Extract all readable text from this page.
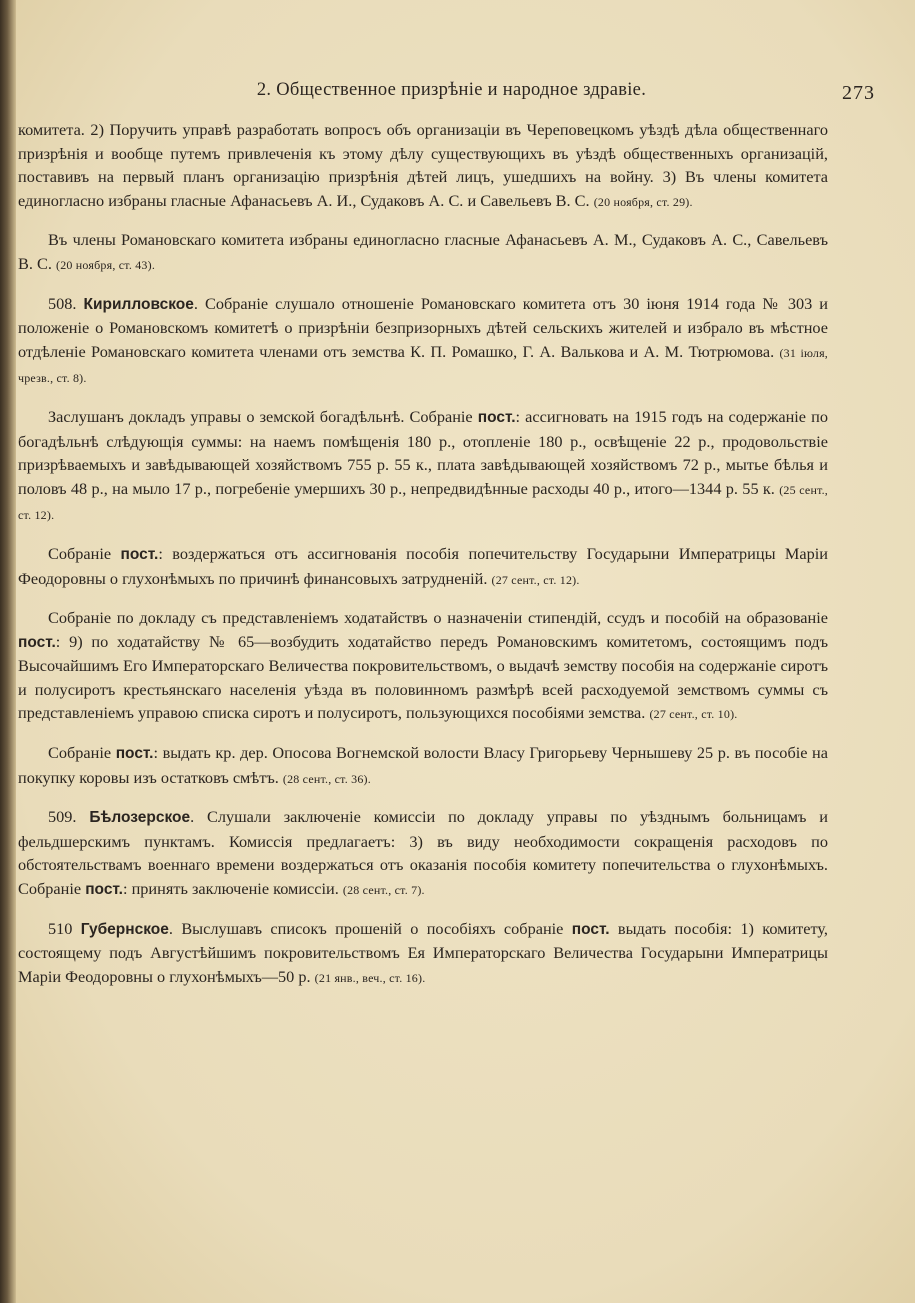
2. Общественное призрѣніе и народное здравіе.	273

комитета. 2) Поручить управѣ разработать вопросъ объ организаціи въ Череповецкомъ уѣздѣ дѣла общественнаго призрѣнія и вообще путемъ привлеченія къ этому дѣлу существующихъ въ уѣздѣ общественныхъ организацій, поставивъ на первый планъ организацію призрѣнія дѣтей лицъ, ушедшихъ на войну. 3) Въ члены комитета единогласно избраны гласные Афанасьевъ А. И., Судаковъ А. С. и Савельевъ В. С. (20 ноября, ст. 29).

Въ члены Романовскаго комитета избраны единогласно гласные Афанасьевъ А. М., Судаковъ А. С., Савельевъ В. С. (20 ноября, ст. 43).

508. Кирилловское. Собраніе слушало отношеніе Романовскаго комитета отъ 30 іюня 1914 года № 303 и положеніе о Романовскомъ комитетѣ о призрѣніи безпризорныхъ дѣтей сельскихъ жителей и избрало въ мѣстное отдѣленіе Романовскаго комитета членами отъ земства К. П. Ромашко, Г. А. Валькова и А. М. Тютрюмова. (31 іюля, чрезв., ст. 8).

Заслушанъ докладъ управы о земской богадѣльнѣ. Собраніе пост.: ассигновать на 1915 годъ на содержаніе по богадѣльнѣ слѣдующія суммы: на наемъ помѣщенія 180 р., отопленіе 180 р., освѣщеніе 22 р., продовольствіе призрѣваемыхъ и завѣдывающей хозяйствомъ 755 р. 55 к., плата завѣдывающей хозяйствомъ 72 р., мытье бѣлья и половъ 48 р., на мыло 17 р., погребеніе умершихъ 30 р., непредвидѣнные расходы 40 р., итого—1344 р. 55 к. (25 сент., ст. 12).

Собраніе пост.: воздержаться отъ ассигнованія пособія попечительству Государыни Императрицы Маріи Феодоровны о глухонѣмыхъ по причинѣ финансовыхъ затрудненій. (27 сент., ст. 12).

Собраніе по докладу съ представленіемъ ходатайствъ о назначеніи стипендій, ссудъ и пособій на образованіе пост.: 9) по ходатайству № 65—возбудить ходатайство передъ Романовскимъ комитетомъ, состоящимъ подъ Высочайшимъ Его Императорскаго Величества покровительствомъ, о выдачѣ земству пособія на содержаніе сиротъ и полусиротъ крестьянскаго населенія уѣзда въ половинномъ размѣрѣ всей расходуемой земствомъ суммы съ представленіемъ управою списка сиротъ и полусиротъ, пользующихся пособіями земства. (27 сент., ст. 10).

Собраніе пост.: выдать кр. дер. Опосова Вогнемской волости Власу Григорьеву Чернышеву 25 р. въ пособіе на покупку коровы изъ остатковъ смѣтъ. (28 сент., ст. 36).

509. Бѣлозерское. Слушали заключеніе комиссіи по докладу управы по уѣзднымъ больницамъ и фельдшерскимъ пунктамъ. Комиссія предлагаетъ: 3) въ виду необходимости сокращенія расходовъ по обстоятельствамъ военнаго времени воздержаться отъ оказанія пособія комитету попечительства о глухонѣмыхъ. Собраніе пост.: принять заключеніе комиссіи. (28 сент., ст. 7).

510 Губернское. Выслушавъ списокъ прошеній о пособіяхъ собраніе пост. выдать пособія: 1) комитету, состоящему подъ Августѣйшимъ покровительствомъ Ея Императорскаго Величества Государыни Императрицы Маріи Феодоровны о глухонѣмыхъ—50 р. (21 янв., веч., ст. 16).
